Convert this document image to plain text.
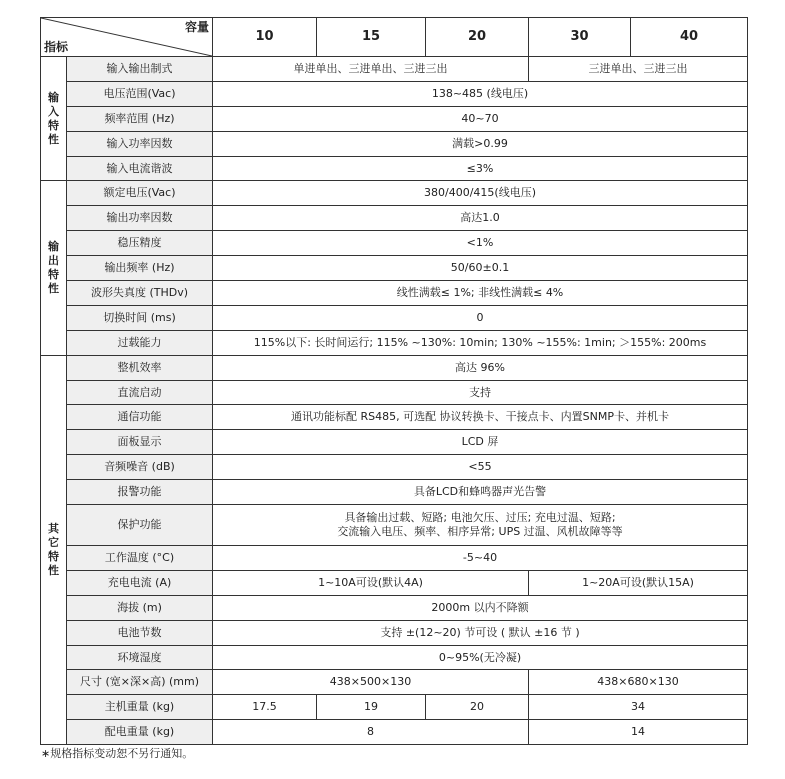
容量
指标		10	15	20	30	40

输入特性	输入输出制式	单进单出、三进单出、三进三出			三进单出、三进三出	
	电压范围(Vac)	138~485 (线电压)				
	频率范围 (Hz)	40~70				
	输入功率因数	满载>0.99				
	输入电流谐波	≤3%				

输出特性	额定电压(Vac)	380/400/415(线电压)				
	输出功率因数	高达1.0				
	稳压精度	<1%				
	输出频率 (Hz)	50/60±0.1				
	波形失真度 (THDv)	线性满载≤ 1%; 非线性满载≤ 4%				
	切换时间 (ms)	0				
	过载能力	115%以下: 长时间运行; 115% ~130%: 10min; 130% ~155%: 1min; ＞155%: 200ms				

其它特性	整机效率	高达 96%				
	直流启动	支持				
	通信功能	通讯功能标配 RS485, 可选配 协议转换卡、干接点卡、内置SNMP卡、并机卡				
	面板显示	LCD 屏				
	音频噪音 (dB)	<55				
	报警功能	具备LCD和蜂鸣器声光告警				
	保护功能	具备输出过载、短路; 电池欠压、过压; 充电过温、短路;
交流输入电压、频率、相序异常; UPS 过温、风机故障等等				

	工作温度 (°C)	-5~40				
	充电电流 (A)	1~10A可设(默认4A)			1~20A可设(默认15A)	
	海拔 (m)	2000m 以内不降额				
	电池节数	支持 ±(12~20) 节可设 ( 默认 ±16 节 )				
	环境湿度	0~95%(无冷凝)				
	尺寸 (宽×深×高) (mm)	438×500×130			438×680×130	
	主机重量 (kg)	17.5	19	20	34	
	配电重量 (kg)	8			14	
∗规格指标变动恕不另行通知。
